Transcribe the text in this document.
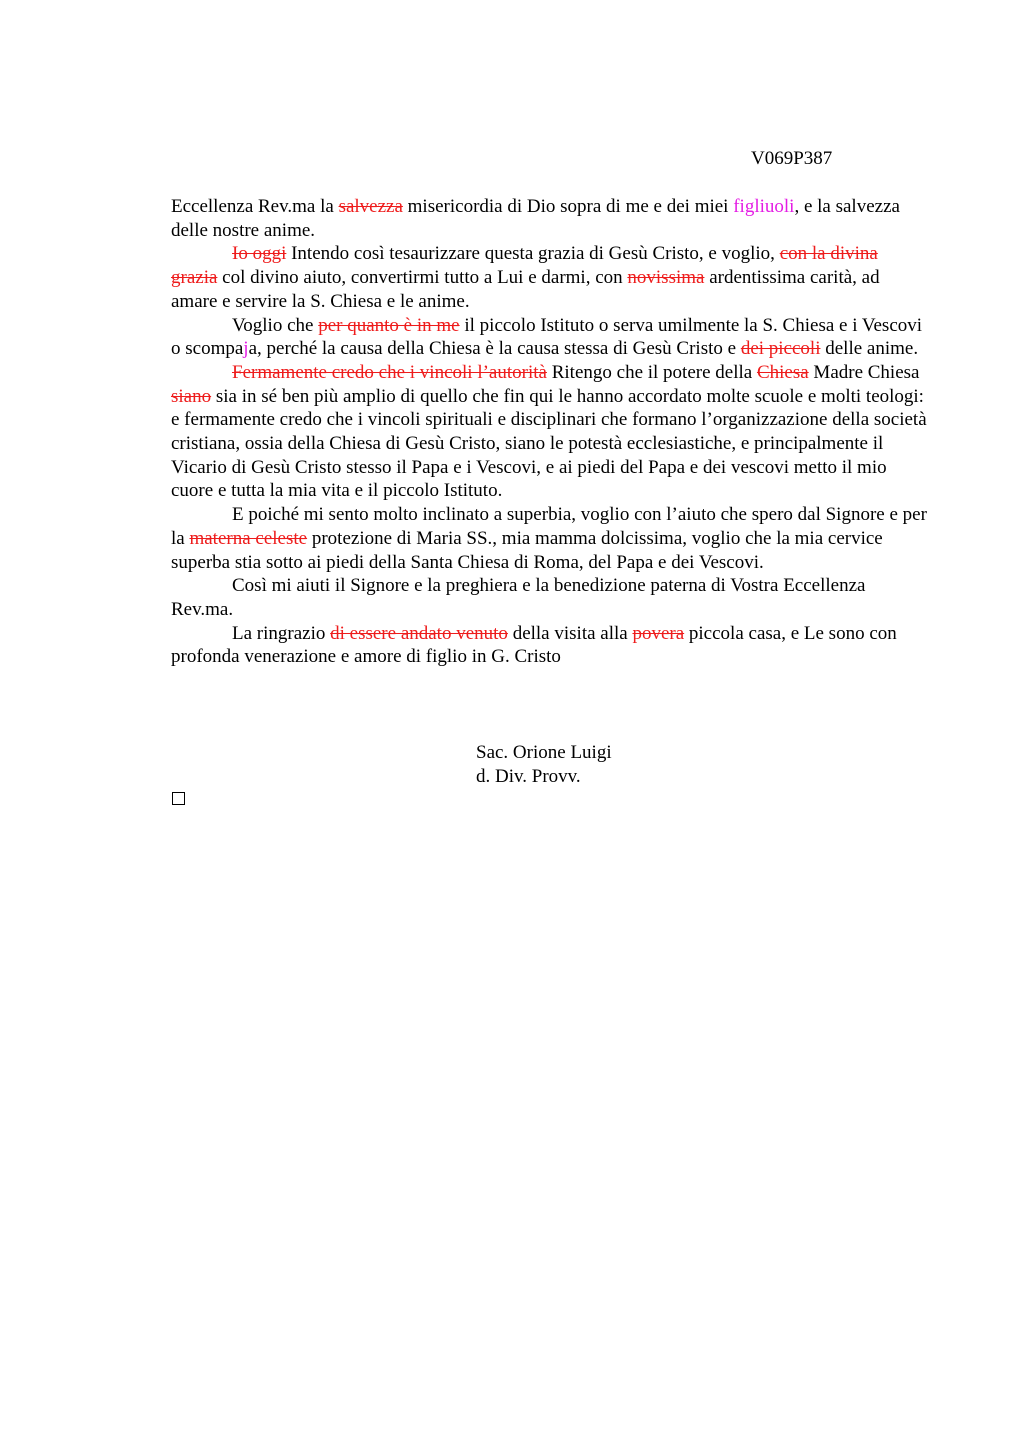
V069P387

Eccellenza Rev.ma la salvezza misericordia di Dio sopra di me e dei miei figliuoli, e la salvezza delle nostre anime.

Io oggi Intendo così tesaurizzare questa grazia di Gesù Cristo, e voglio, con la divina grazia col divino aiuto, convertirmi tutto a Lui e darmi, con novissima ardentissima carità, ad amare e servire la S. Chiesa e le anime.

Voglio che per quanto è in me il piccolo Istituto o serva umilmente la S. Chiesa e i Vescovi o scompaja, perché la causa della Chiesa è la causa stessa di Gesù Cristo e dei piccoli delle anime.

Fermamente credo che i vincoli l’autorità Ritengo che il potere della Chiesa Madre Chiesa siano sia in sé ben più amplio di quello che fin qui le hanno accordato molte scuole e molti teologi: e fermamente credo che i vincoli spirituali e disciplinari che formano l’organizzazione della società cristiana, ossia della Chiesa di Gesù Cristo, siano le potestà ecclesiastiche, e principalmente il Vicario di Gesù Cristo stesso il Papa e i Vescovi, e ai piedi del Papa e dei vescovi metto il mio cuore e tutta la mia vita e il piccolo Istituto.

E poiché mi sento molto inclinato a superbia, voglio con l’aiuto che spero dal Signore e per la materna celeste protezione di Maria SS., mia mamma dolcissima, voglio che la mia cervice superba stia sotto ai piedi della Santa Chiesa di Roma, del Papa e dei Vescovi.

Così mi aiuti il Signore e la preghiera e la benedizione paterna di Vostra Eccellenza Rev.ma.

La ringrazio di essere andato venuto della visita alla povera piccola casa, e Le sono con profonda venerazione e amore di figlio in G. Cristo

Sac. Orione Luigi
d. Div. Provv.
